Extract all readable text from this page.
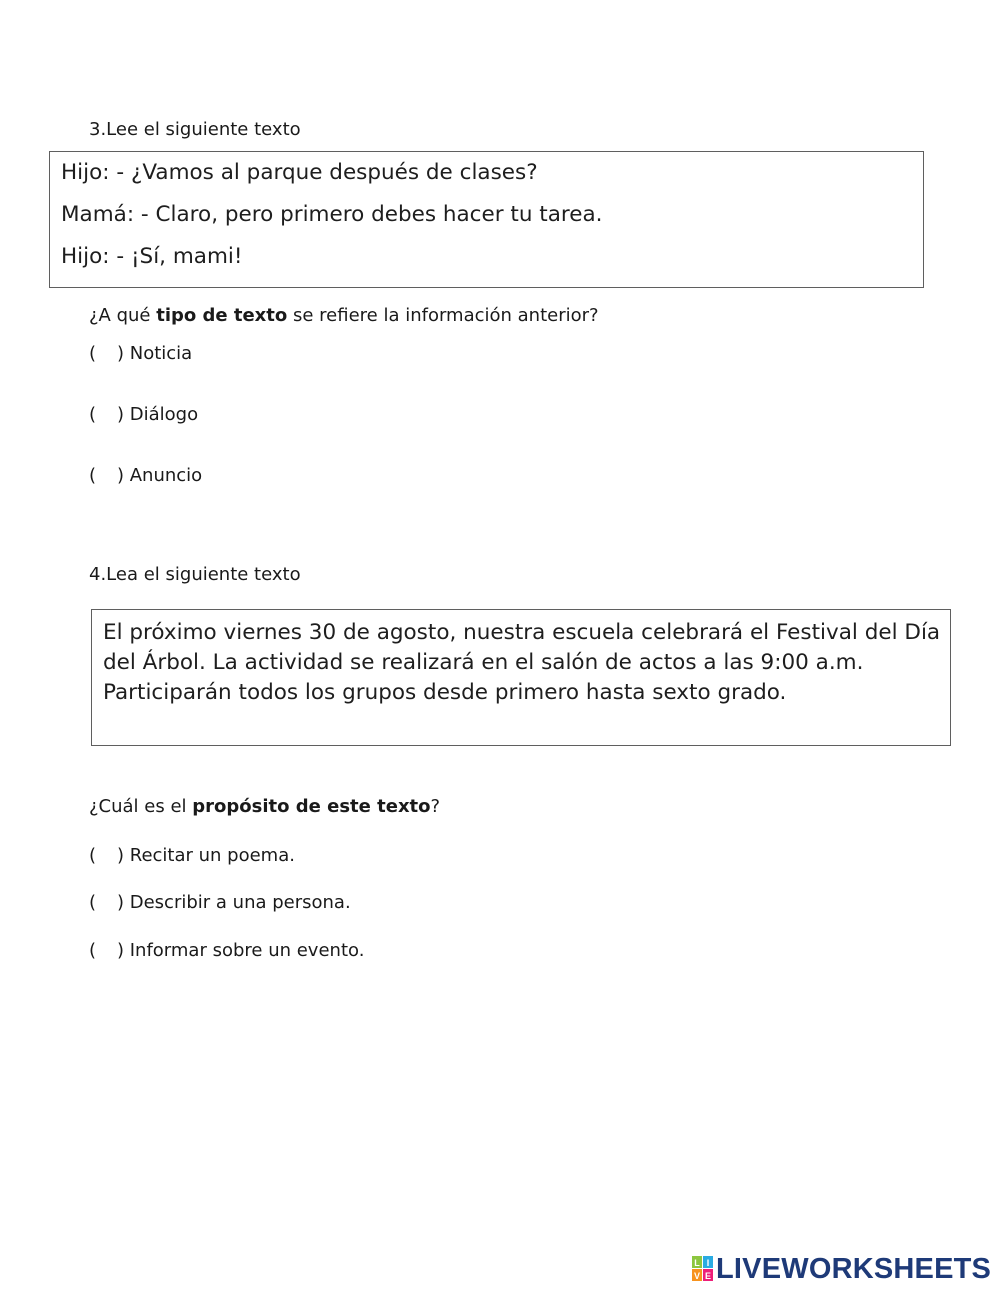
3.Lee el siguiente texto
Hijo: - ¿Vamos al parque después de clases?
Mamá: - Claro, pero primero debes hacer tu tarea.
Hijo: - ¡Sí, mami!
¿A qué tipo de texto se refiere la información anterior?
( ) Noticia
( ) Diálogo
( ) Anuncio
4.Lea el siguiente texto
El próximo viernes 30 de agosto, nuestra escuela celebrará el Festival del Día del Árbol. La actividad se realizará en el salón de actos a las 9:00 a.m. Participarán todos los grupos desde primero hasta sexto grado.
¿Cuál es el propósito de este texto?
( ) Recitar un poema.
( ) Describir a una persona.
( ) Informar sobre un evento.
L I
V E LIVEWORKSHEETS
